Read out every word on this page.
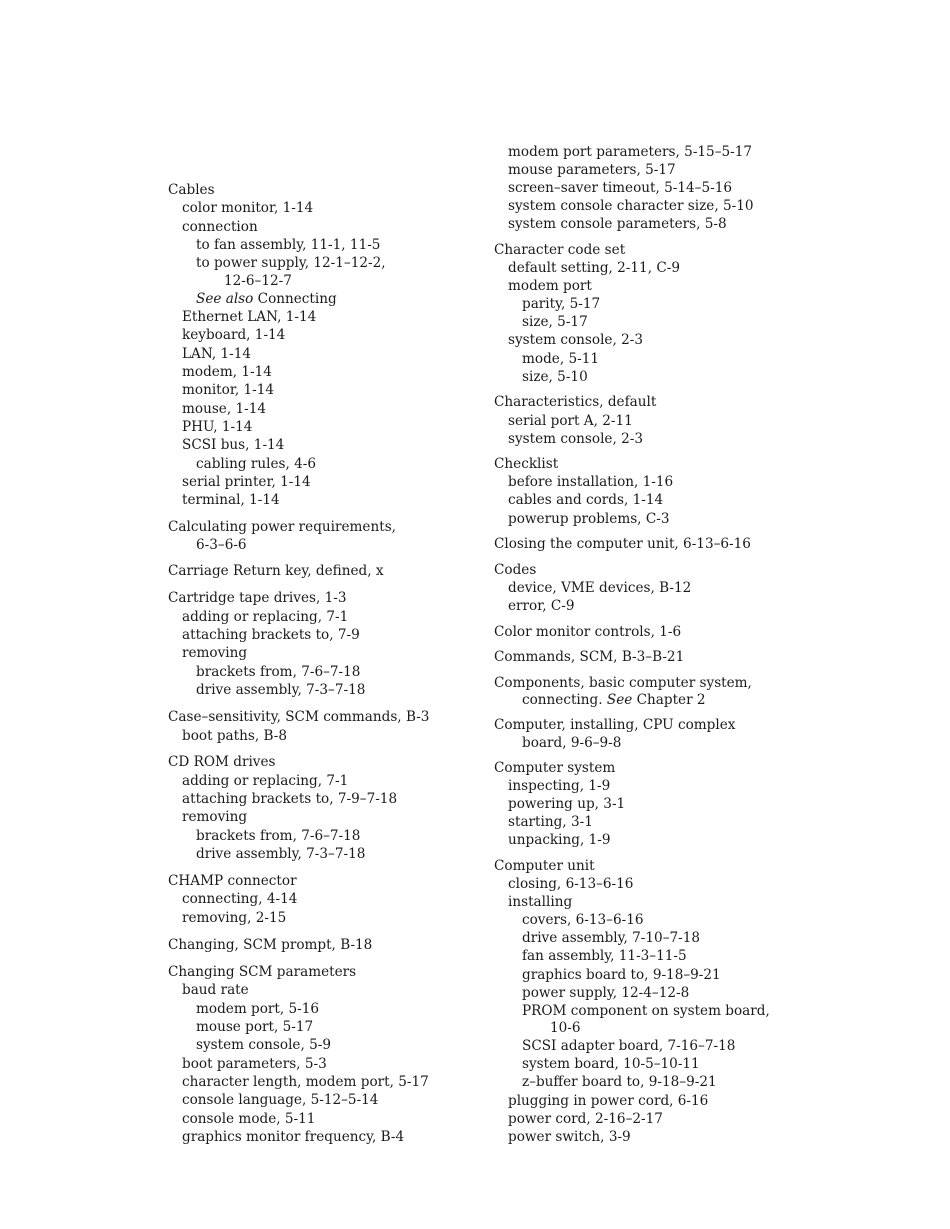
Cables
color monitor, 1-14
connection
to fan assembly, 11-1, 11-5
to power supply, 12-1–12-2,
12-6–12-7
See also Connecting
Ethernet LAN, 1-14
keyboard, 1-14
LAN, 1-14
modem, 1-14
monitor, 1-14
mouse, 1-14
PHU, 1-14
SCSI bus, 1-14
cabling rules, 4-6
serial printer, 1-14
terminal, 1-14
Calculating power requirements,
6-3–6-6
Carriage Return key, defined, x
Cartridge tape drives, 1-3
adding or replacing, 7-1
attaching brackets to, 7-9
removing
brackets from, 7-6–7-18
drive assembly, 7-3–7-18
Case–sensitivity, SCM commands, B-3
boot paths, B-8
CD ROM drives
adding or replacing, 7-1
attaching brackets to, 7-9–7-18
removing
brackets from, 7-6–7-18
drive assembly, 7-3–7-18
CHAMP connector
connecting, 4-14
removing, 2-15
Changing, SCM prompt, B-18
Changing SCM parameters
baud rate
modem port, 5-16
mouse port, 5-17
system console, 5-9
boot parameters, 5-3
character length, modem port, 5-17
console language, 5-12–5-14
console mode, 5-11
graphics monitor frequency, B-4
modem port parameters, 5-15–5-17
mouse parameters, 5-17
screen–saver timeout, 5-14–5-16
system console character size, 5-10
system console parameters, 5-8
Character code set
default setting, 2-11, C-9
modem port
parity, 5-17
size, 5-17
system console, 2-3
mode, 5-11
size, 5-10
Characteristics, default
serial port A, 2-11
system console, 2-3
Checklist
before installation, 1-16
cables and cords, 1-14
powerup problems, C-3
Closing the computer unit, 6-13–6-16
Codes
device, VME devices, B-12
error, C-9
Color monitor controls, 1-6
Commands, SCM, B-3–B-21
Components, basic computer system,
connecting. See Chapter 2
Computer, installing, CPU complex
board, 9-6–9-8
Computer system
inspecting, 1-9
powering up, 3-1
starting, 3-1
unpacking, 1-9
Computer unit
closing, 6-13–6-16
installing
covers, 6-13–6-16
drive assembly, 7-10–7-18
fan assembly, 11-3–11-5
graphics board to, 9-18–9-21
power supply, 12-4–12-8
PROM component on system board,
10-6
SCSI adapter board, 7-16–7-18
system board, 10-5–10-11
z–buffer board to, 9-18–9-21
plugging in power cord, 6-16
power cord, 2-16–2-17
power switch, 3-9
